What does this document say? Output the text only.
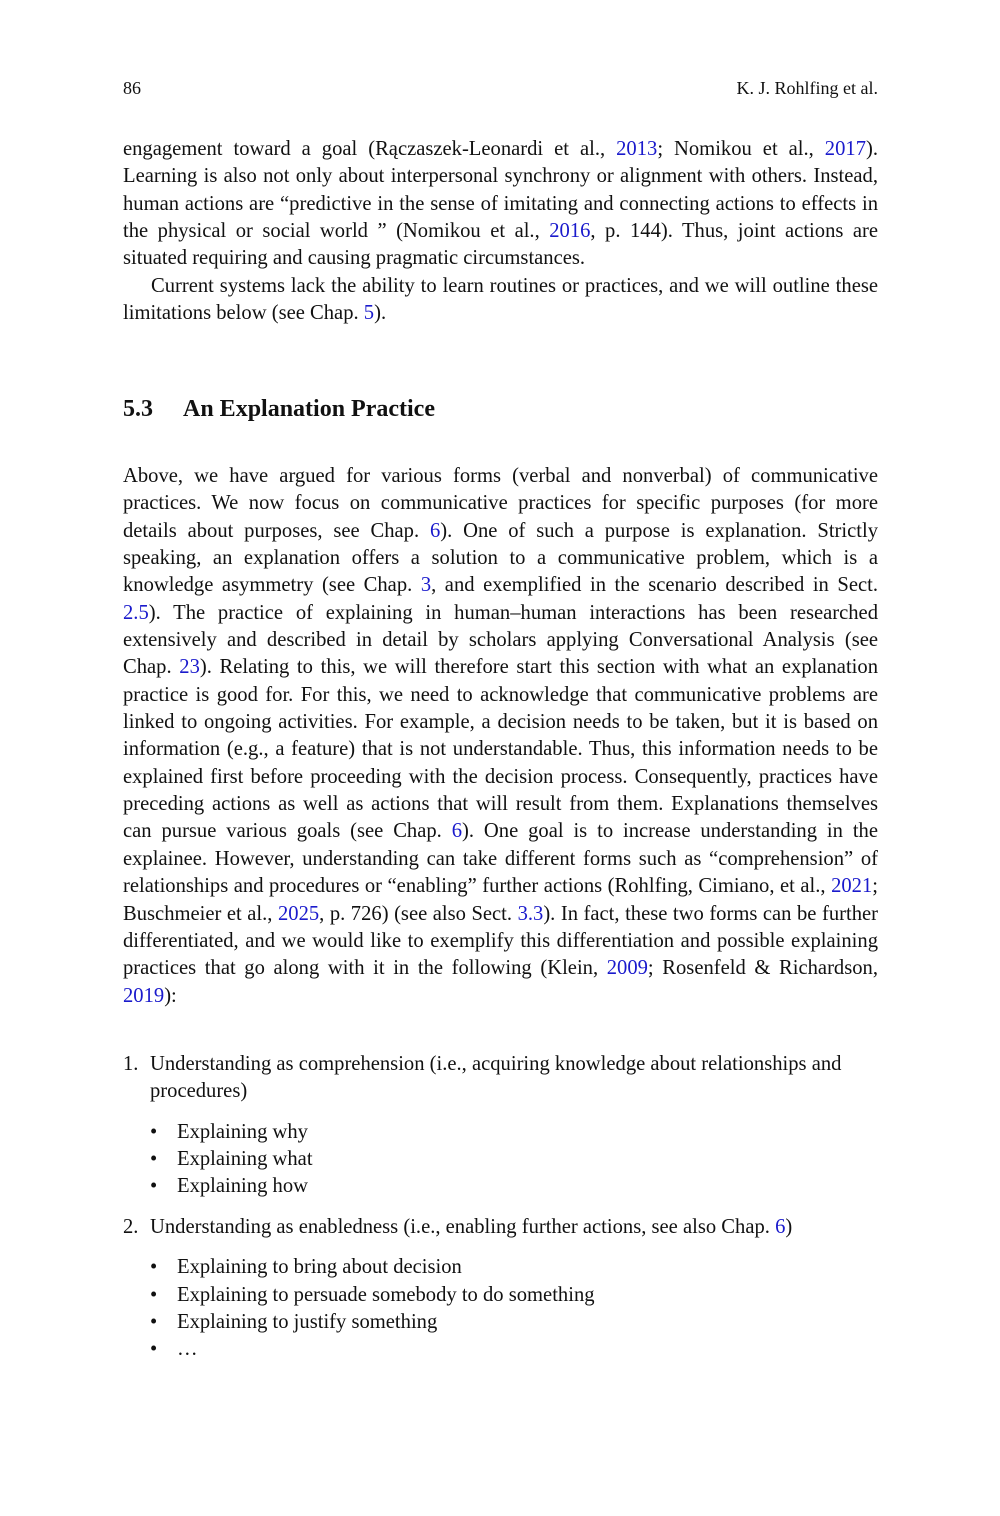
86	K. J. Rohlfing et al.

engagement toward a goal (Rączaszek-Leonardi et al., 2013; Nomikou et al., 2017). Learning is also not only about interpersonal synchrony or alignment with others. Instead, human actions are “predictive in the sense of imitating and connecting actions to effects in the physical or social world ” (Nomikou et al., 2016, p. 144). Thus, joint actions are situated requiring and causing pragmatic circumstances.

Current systems lack the ability to learn routines or practices, and we will outline these limitations below (see Chap. 5).

5.3 An Explanation Practice

Above, we have argued for various forms (verbal and nonverbal) of communicative practices. We now focus on communicative practices for specific purposes (for more details about purposes, see Chap. 6). One of such a purpose is explanation. Strictly speaking, an explanation offers a solution to a communicative problem, which is a knowledge asymmetry (see Chap. 3, and exemplified in the scenario described in Sect. 2.5). The practice of explaining in human–human interactions has been researched extensively and described in detail by scholars applying Conversational Analysis (see Chap. 23). Relating to this, we will therefore start this section with what an explanation practice is good for. For this, we need to acknowledge that communicative problems are linked to ongoing activities. For example, a decision needs to be taken, but it is based on information (e.g., a feature) that is not understandable. Thus, this information needs to be explained first before proceeding with the decision process. Consequently, practices have preceding actions as well as actions that will result from them. Explanations themselves can pursue various goals (see Chap. 6). One goal is to increase understanding in the explainee. However, understanding can take different forms such as “comprehension” of relationships and procedures or “enabling” further actions (Rohlfing, Cimiano, et al., 2021; Buschmeier et al., 2025, p. 726) (see also Sect. 3.3). In fact, these two forms can be further differentiated, and we would like to exemplify this differentiation and possible explaining practices that go along with it in the following (Klein, 2009; Rosenfeld & Richardson, 2019):

1. Understanding as comprehension (i.e., acquiring knowledge about relationships and procedures)
• Explaining why
• Explaining what
• Explaining how
2. Understanding as enabledness (i.e., enabling further actions, see also Chap. 6)
• Explaining to bring about decision
• Explaining to persuade somebody to do something
• Explaining to justify something
• …
